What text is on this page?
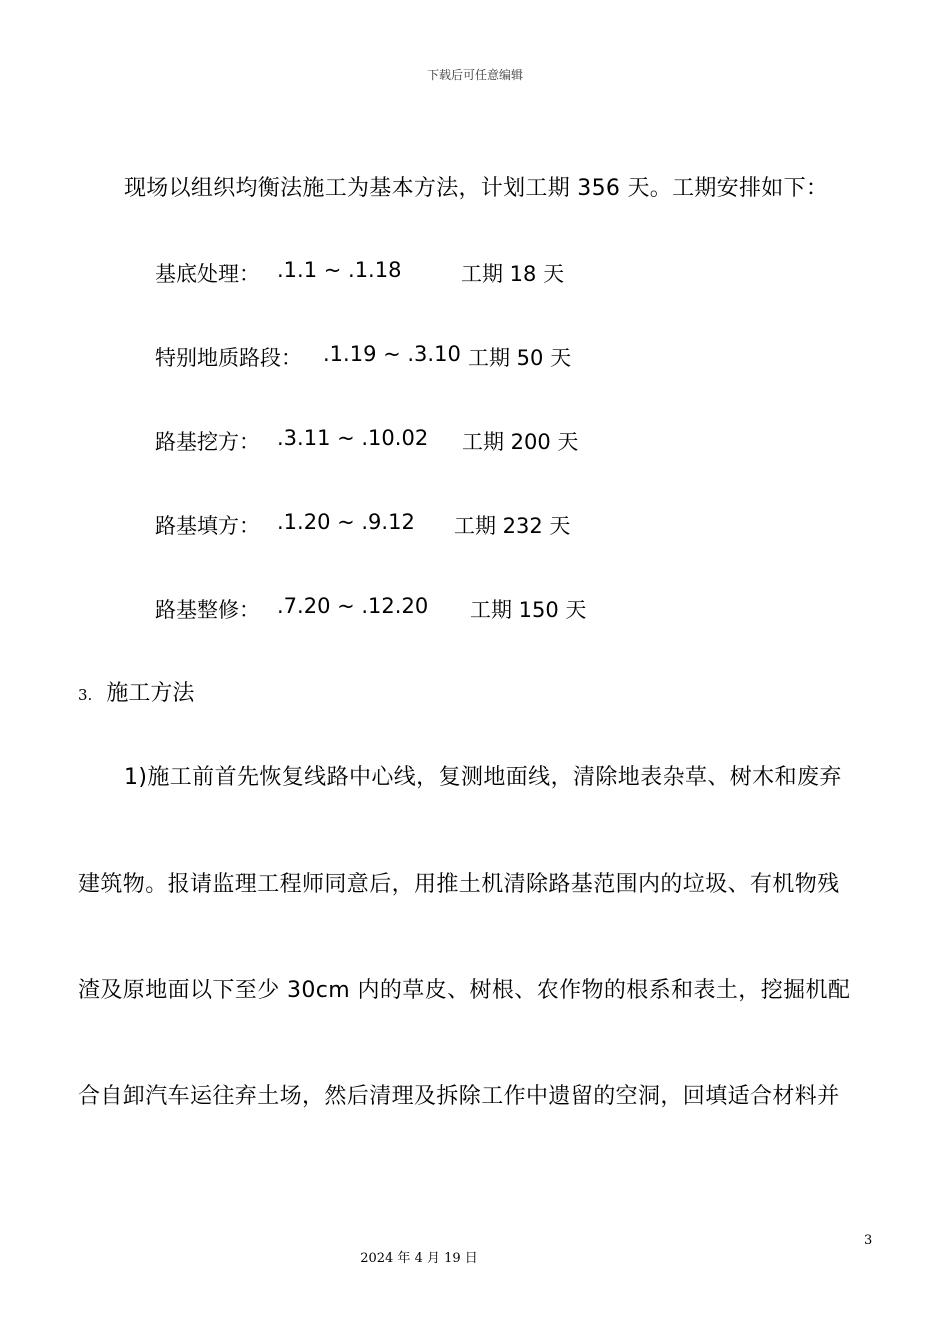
下载后可任意编辑
现场以组织均衡法施工为基本方法，计划工期 356 天。工期安排如下：
基底处理： .1.1 ~ .1.18	工期 18 天
特别地质路段： .1.19 ~ .3.10 工期 50 天
路基挖方： .3.11 ~ .10.02 工期 200 天
路基填方： .1.20 ~ .9.12 工期 232 天
路基整修： .7.20 ~ .12.20 工期 150 天
3. 施工方法
1)施工前首先恢复线路中心线，复测地面线，清除地表杂草、树木和废弃
建筑物。报请监理工程师同意后，用推土机清除路基范围内的垃圾、有机物残
渣及原地面以下至少 30cm 内的草皮、树根、农作物的根系和表土，挖掘机配
合自卸汽车运往弃土场，然后清理及拆除工作中遗留的空洞，回填适合材料并
3
2024 年 4 月 19 日
